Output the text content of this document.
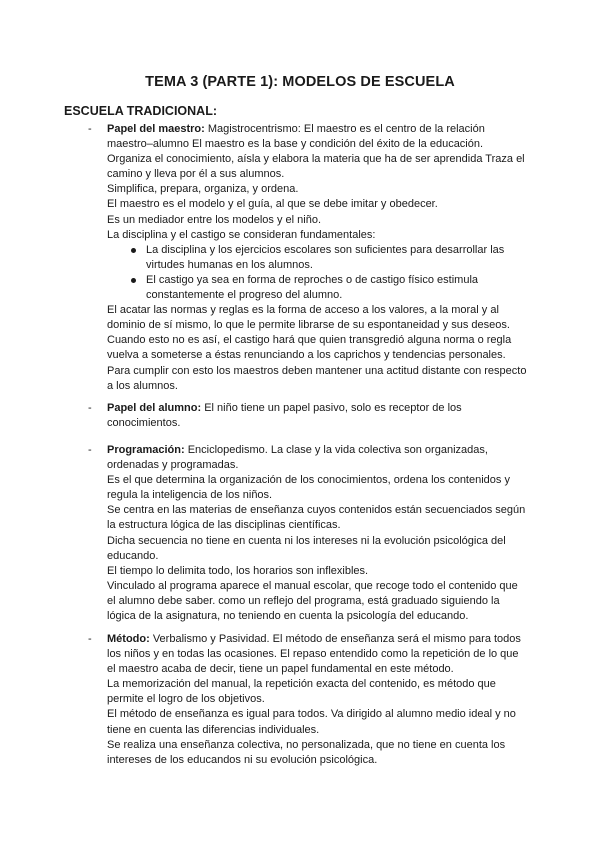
TEMA 3 (PARTE 1): MODELOS DE ESCUELA
ESCUELA TRADICIONAL:
- Papel del maestro: Magistrocentrismo: El maestro es el centro de la relación maestro–alumno El maestro es la base y condición del éxito de la educación.

Organiza el conocimiento, aísla y elabora la materia que ha de ser aprendida Traza el camino y lleva por él a sus alumnos.

Simplifica, prepara, organiza, y ordena.

El maestro es el modelo y el guía, al que se debe imitar y obedecer.

Es un mediador entre los modelos y el niño.

La disciplina y el castigo se consideran fundamentales:

La disciplina y los ejercicios escolares son suficientes para desarrollar las virtudes humanas en los alumnos.
El castigo ya sea en forma de reproches o de castigo físico estimula constantemente el progreso del alumno.

El acatar las normas y reglas es la forma de acceso a los valores, a la moral y al dominio de sí mismo, lo que le permite librarse de su espontaneidad y sus deseos.

Cuando esto no es así, el castigo hará que quien transgredió alguna norma o regla vuelva a someterse a éstas renunciando a los caprichos y tendencias personales.

Para cumplir con esto los maestros deben mantener una actitud distante con respecto a los alumnos.

- Papel del alumno: El niño tiene un papel pasivo, solo es receptor de los conocimientos.

- Programación: Enciclopedismo. La clase y la vida colectiva son organizadas, ordenadas y programadas.

Es el que determina la organización de los conocimientos, ordena los contenidos y regula la inteligencia de los niños.

Se centra en las materias de enseñanza cuyos contenidos están secuenciados según la estructura lógica de las disciplinas científicas.

Dicha secuencia no tiene en cuenta ni los intereses ni la evolución psicológica del educando.

El tiempo lo delimita todo, los horarios son inflexibles.

Vinculado al programa aparece el manual escolar, que recoge todo el contenido que el alumno debe saber. como un reflejo del programa, está graduado siguiendo la lógica de la asignatura, no teniendo en cuenta la psicología del educando.

- Método: Verbalismo y Pasividad. El método de enseñanza será el mismo para todos los niños y en todas las ocasiones. El repaso entendido como la repetición de lo que el maestro acaba de decir, tiene un papel fundamental en este método.

La memorización del manual, la repetición exacta del contenido, es método que permite el logro de los objetivos.

El método de enseñanza es igual para todos. Va dirigido al alumno medio ideal y no tiene en cuenta las diferencias individuales.

Se realiza una enseñanza colectiva, no personalizada, que no tiene en cuenta los intereses de los educandos ni su evolución psicológica.
